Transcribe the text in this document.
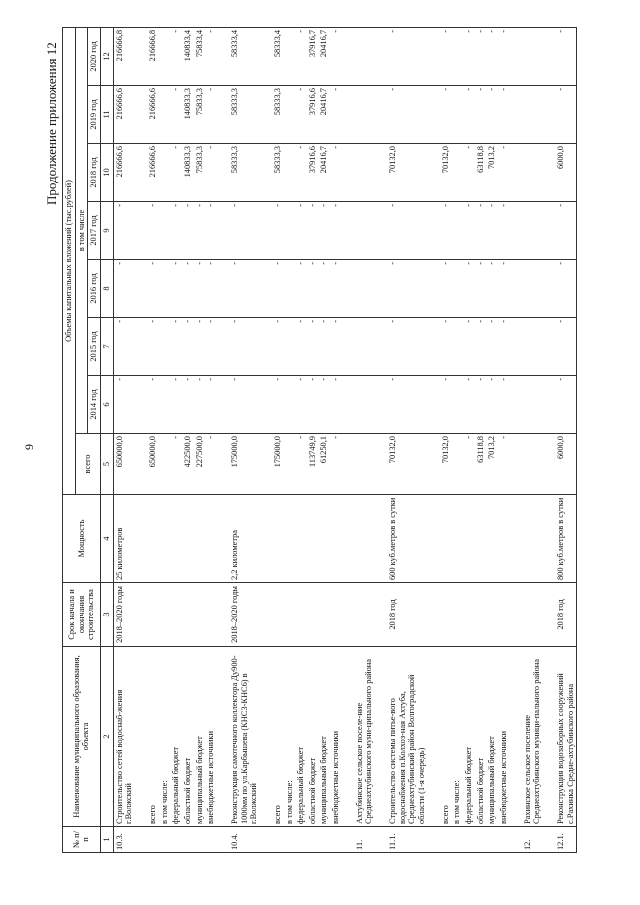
9
Продолжение приложения 12
№ п/п	Наименование муниципального образования, объекта	Срок начала и окончания строительства	Мощность	Объемы капитальных вложений (тыс.рублей)							
				всего	в том числе						
					2014 год	2015 год	2016 год	2017 год	2018 год	2019 год	2020 год
1	2	3	4	5	6	7	8	9	10	11	12
10.3.	Строительство сетей водоснаб-жения г.Волжский	2018–2020 годы	25 километров	650000,0	-	-	-	-	216666,6	216666,6	216666,8

	всего			650000,0	-	-	-	-	216666,6	216666,6	216666,8
	в том числе:										
	федеральный бюджет			-	-	-	-	-	-	-	-
	областной бюджет			422500,0	-	-	-	-	140833,3	140833,3	140833,4
	муниципальный бюджет			227500,0	-	-	-	-	75833,3	75833,3	75833,4
	внебюджетные источники			-	-	-	-	-	-	-	-

10.4.	Реконструкция самотечного коллектора Ду900-1000мм по ул.Карбышева (КНС3-КНС6) в г.Волжский	2018–2020 годы	2,2 километра	175000,0	-	-	-	-	58333,3	58333,3	58333,4

	всего			175000,0	-	-	-	-	58333,3	58333,3	58333,4
	в том числе:										
	федеральный бюджет			-	-	-	-	-	-	-	-
	областной бюджет			113749,9	-	-	-	-	37916,6	37916,6	37916,7
	муниципальный бюджет			61250,1	-	-	-	-	20416,7	20416,7	20416,7
	внебюджетные источники			-	-	-	-	-	-	-	-

11.	Ахтубинское сельское поселе-ние Среднеахтубинского муни-ципального района										

11.1.	Строительство системы питье-вого водоснабжения п.Колхоз-ная Ахтуба, Среднеахтубинский район Волгоградской области (1-я очередь)	2018 год	600 куб.метров в сутки	70132,0	-	-	-	-	70132,0	-	-

	всего			70132,0	-	-	-	-	70132,0	-	-
	в том числе:										
	федеральный бюджет			-	-	-	-	-	-	-	-
	областной бюджет			63118,8	-	-	-	-	63118,8	-	-
	муниципальный бюджет			7013,2	-	-	-	-	7013,2	-	-
	внебюджетные источники			-	-	-	-	-	-	-	-

12.	Рахинское сельское поселение Среднеахтубинского муници-пального района										

12.1.	Реконструкция водозаборных сооружений с.Рахинка Средне-ахтубинского района	2018 год	800 куб.метров в сутки	6000,0	-	-	-	-	6000,0	-	-
